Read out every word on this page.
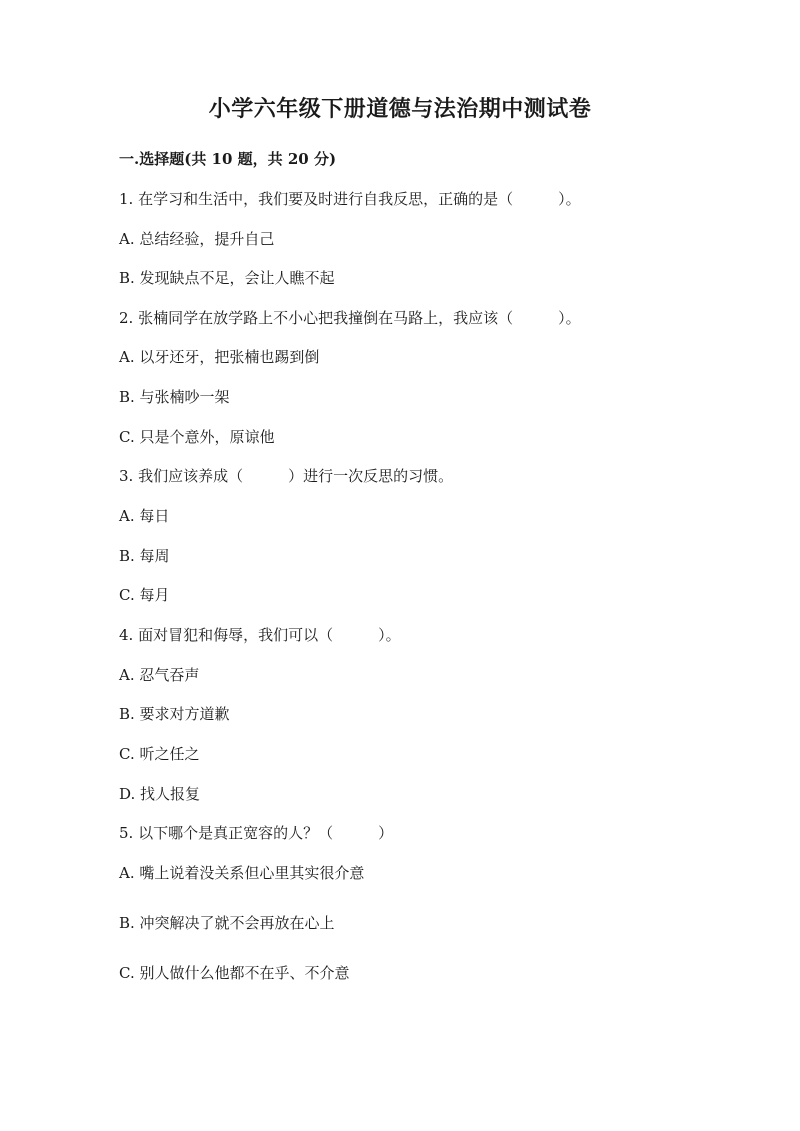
小学六年级下册道德与法治期中测试卷

一.选择题(共 10 题，共 20 分)

1. 在学习和生活中，我们要及时进行自我反思，正确的是（　　　）。

A. 总结经验，提升自己

B. 发现缺点不足，会让人瞧不起

2. 张楠同学在放学路上不小心把我撞倒在马路上，我应该（　　　）。

A. 以牙还牙，把张楠也踢到倒

B. 与张楠吵一架

C. 只是个意外，原谅他

3. 我们应该养成（　　　）进行一次反思的习惯。

A. 每日

B. 每周

C. 每月

4. 面对冒犯和侮辱，我们可以（　　　）。

A. 忍气吞声

B. 要求对方道歉

C. 听之任之

D. 找人报复

5. 以下哪个是真正宽容的人？（　　　）

A. 嘴上说着没关系但心里其实很介意

B. 冲突解决了就不会再放在心上

C. 别人做什么他都不在乎、不介意
